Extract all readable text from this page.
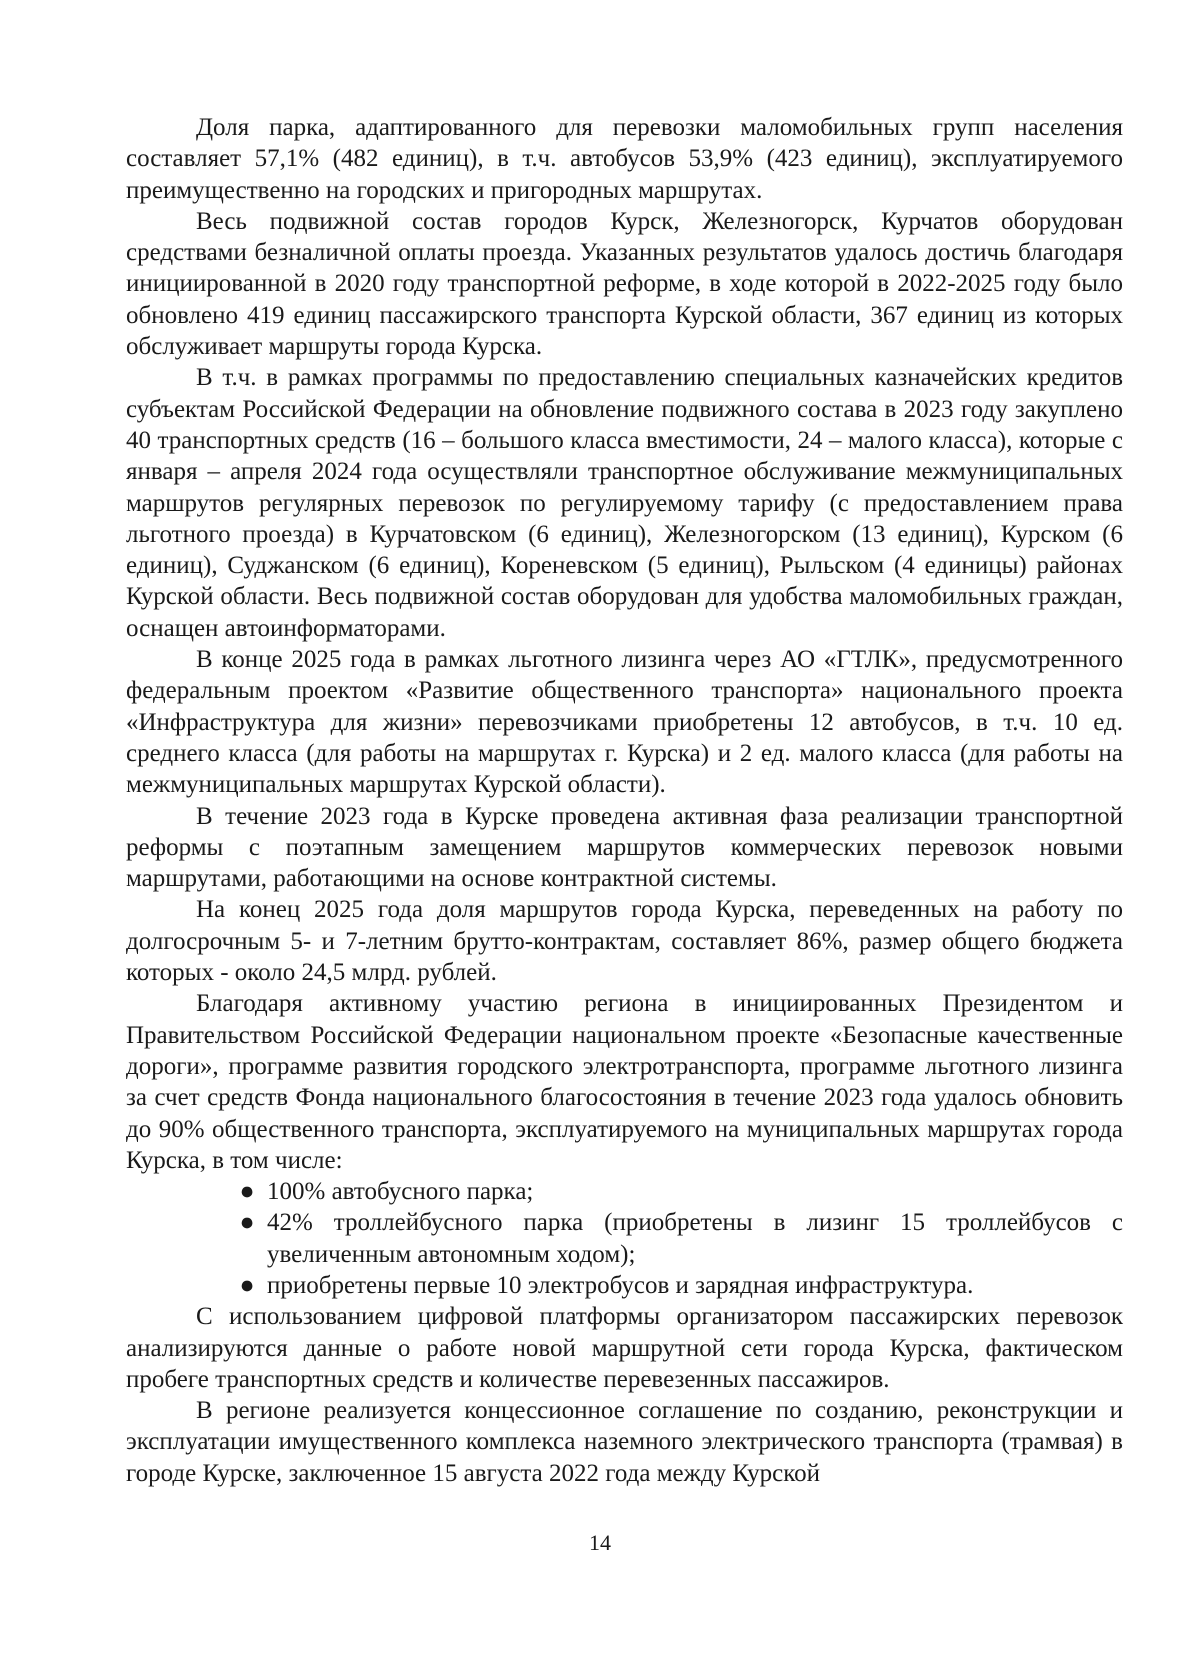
Доля парка, адаптированного для перевозки маломобильных групп населения составляет 57,1% (482 единиц), в т.ч. автобусов 53,9% (423 единиц), эксплуатируемого преимущественно на городских и пригородных маршрутах.

Весь подвижной состав городов Курск, Железногорск, Курчатов оборудован средствами безналичной оплаты проезда. Указанных результатов удалось достичь благодаря инициированной в 2020 году транспортной реформе, в ходе которой в 2022-2025 году было обновлено 419 единиц пассажирского транспорта Курской области, 367 единиц из которых обслуживает маршруты города Курска.

В т.ч. в рамках программы по предоставлению специальных казначейских кредитов субъектам Российской Федерации на обновление подвижного состава в 2023 году закуплено 40 транспортных средств (16 – большого класса вместимости, 24 – малого класса), которые с января – апреля 2024 года осуществляли транспортное обслуживание межмуниципальных маршрутов регулярных перевозок по регулируемому тарифу (с предоставлением права льготного проезда) в Курчатовском (6 единиц), Железногорском (13 единиц), Курском (6 единиц), Суджанском (6 единиц), Кореневском (5 единиц), Рыльском (4 единицы) районах Курской области. Весь подвижной состав оборудован для удобства маломобильных граждан, оснащен автоинформаторами.

В конце 2025 года в рамках льготного лизинга через АО «ГТЛК», предусмотренного федеральным проектом «Развитие общественного транспорта» национального проекта «Инфраструктура для жизни» перевозчиками приобретены 12 автобусов, в т.ч. 10 ед. среднего класса (для работы на маршрутах г. Курска) и 2 ед. малого класса (для работы на межмуниципальных маршрутах Курской области).

В течение 2023 года в Курске проведена активная фаза реализации транспортной реформы с поэтапным замещением маршрутов коммерческих перевозок новыми маршрутами, работающими на основе контрактной системы.

На конец 2025 года доля маршрутов города Курска, переведенных на работу по долгосрочным 5- и 7-летним брутто-контрактам, составляет 86%, размер общего бюджета которых - около 24,5 млрд. рублей.

Благодаря активному участию региона в инициированных Президентом и Правительством Российской Федерации национальном проекте «Безопасные качественные дороги», программе развития городского электротранспорта, программе льготного лизинга за счет средств Фонда национального благосостояния в течение 2023 года удалось обновить до 90% общественного транспорта, эксплуатируемого на муниципальных маршрутах города Курска, в том числе:

● 100% автобусного парка;
● 42% троллейбусного парка (приобретены в лизинг 15 троллейбусов с увеличенным автономным ходом);
● приобретены первые 10 электробусов и зарядная инфраструктура.

С использованием цифровой платформы организатором пассажирских перевозок анализируются данные о работе новой маршрутной сети города Курска, фактическом пробеге транспортных средств и количестве перевезенных пассажиров.

В регионе реализуется концессионное соглашение по созданию, реконструкции и эксплуатации имущественного комплекса наземного электрического транспорта (трамвая) в городе Курске, заключенное 15 августа 2022 года между Курской

14
